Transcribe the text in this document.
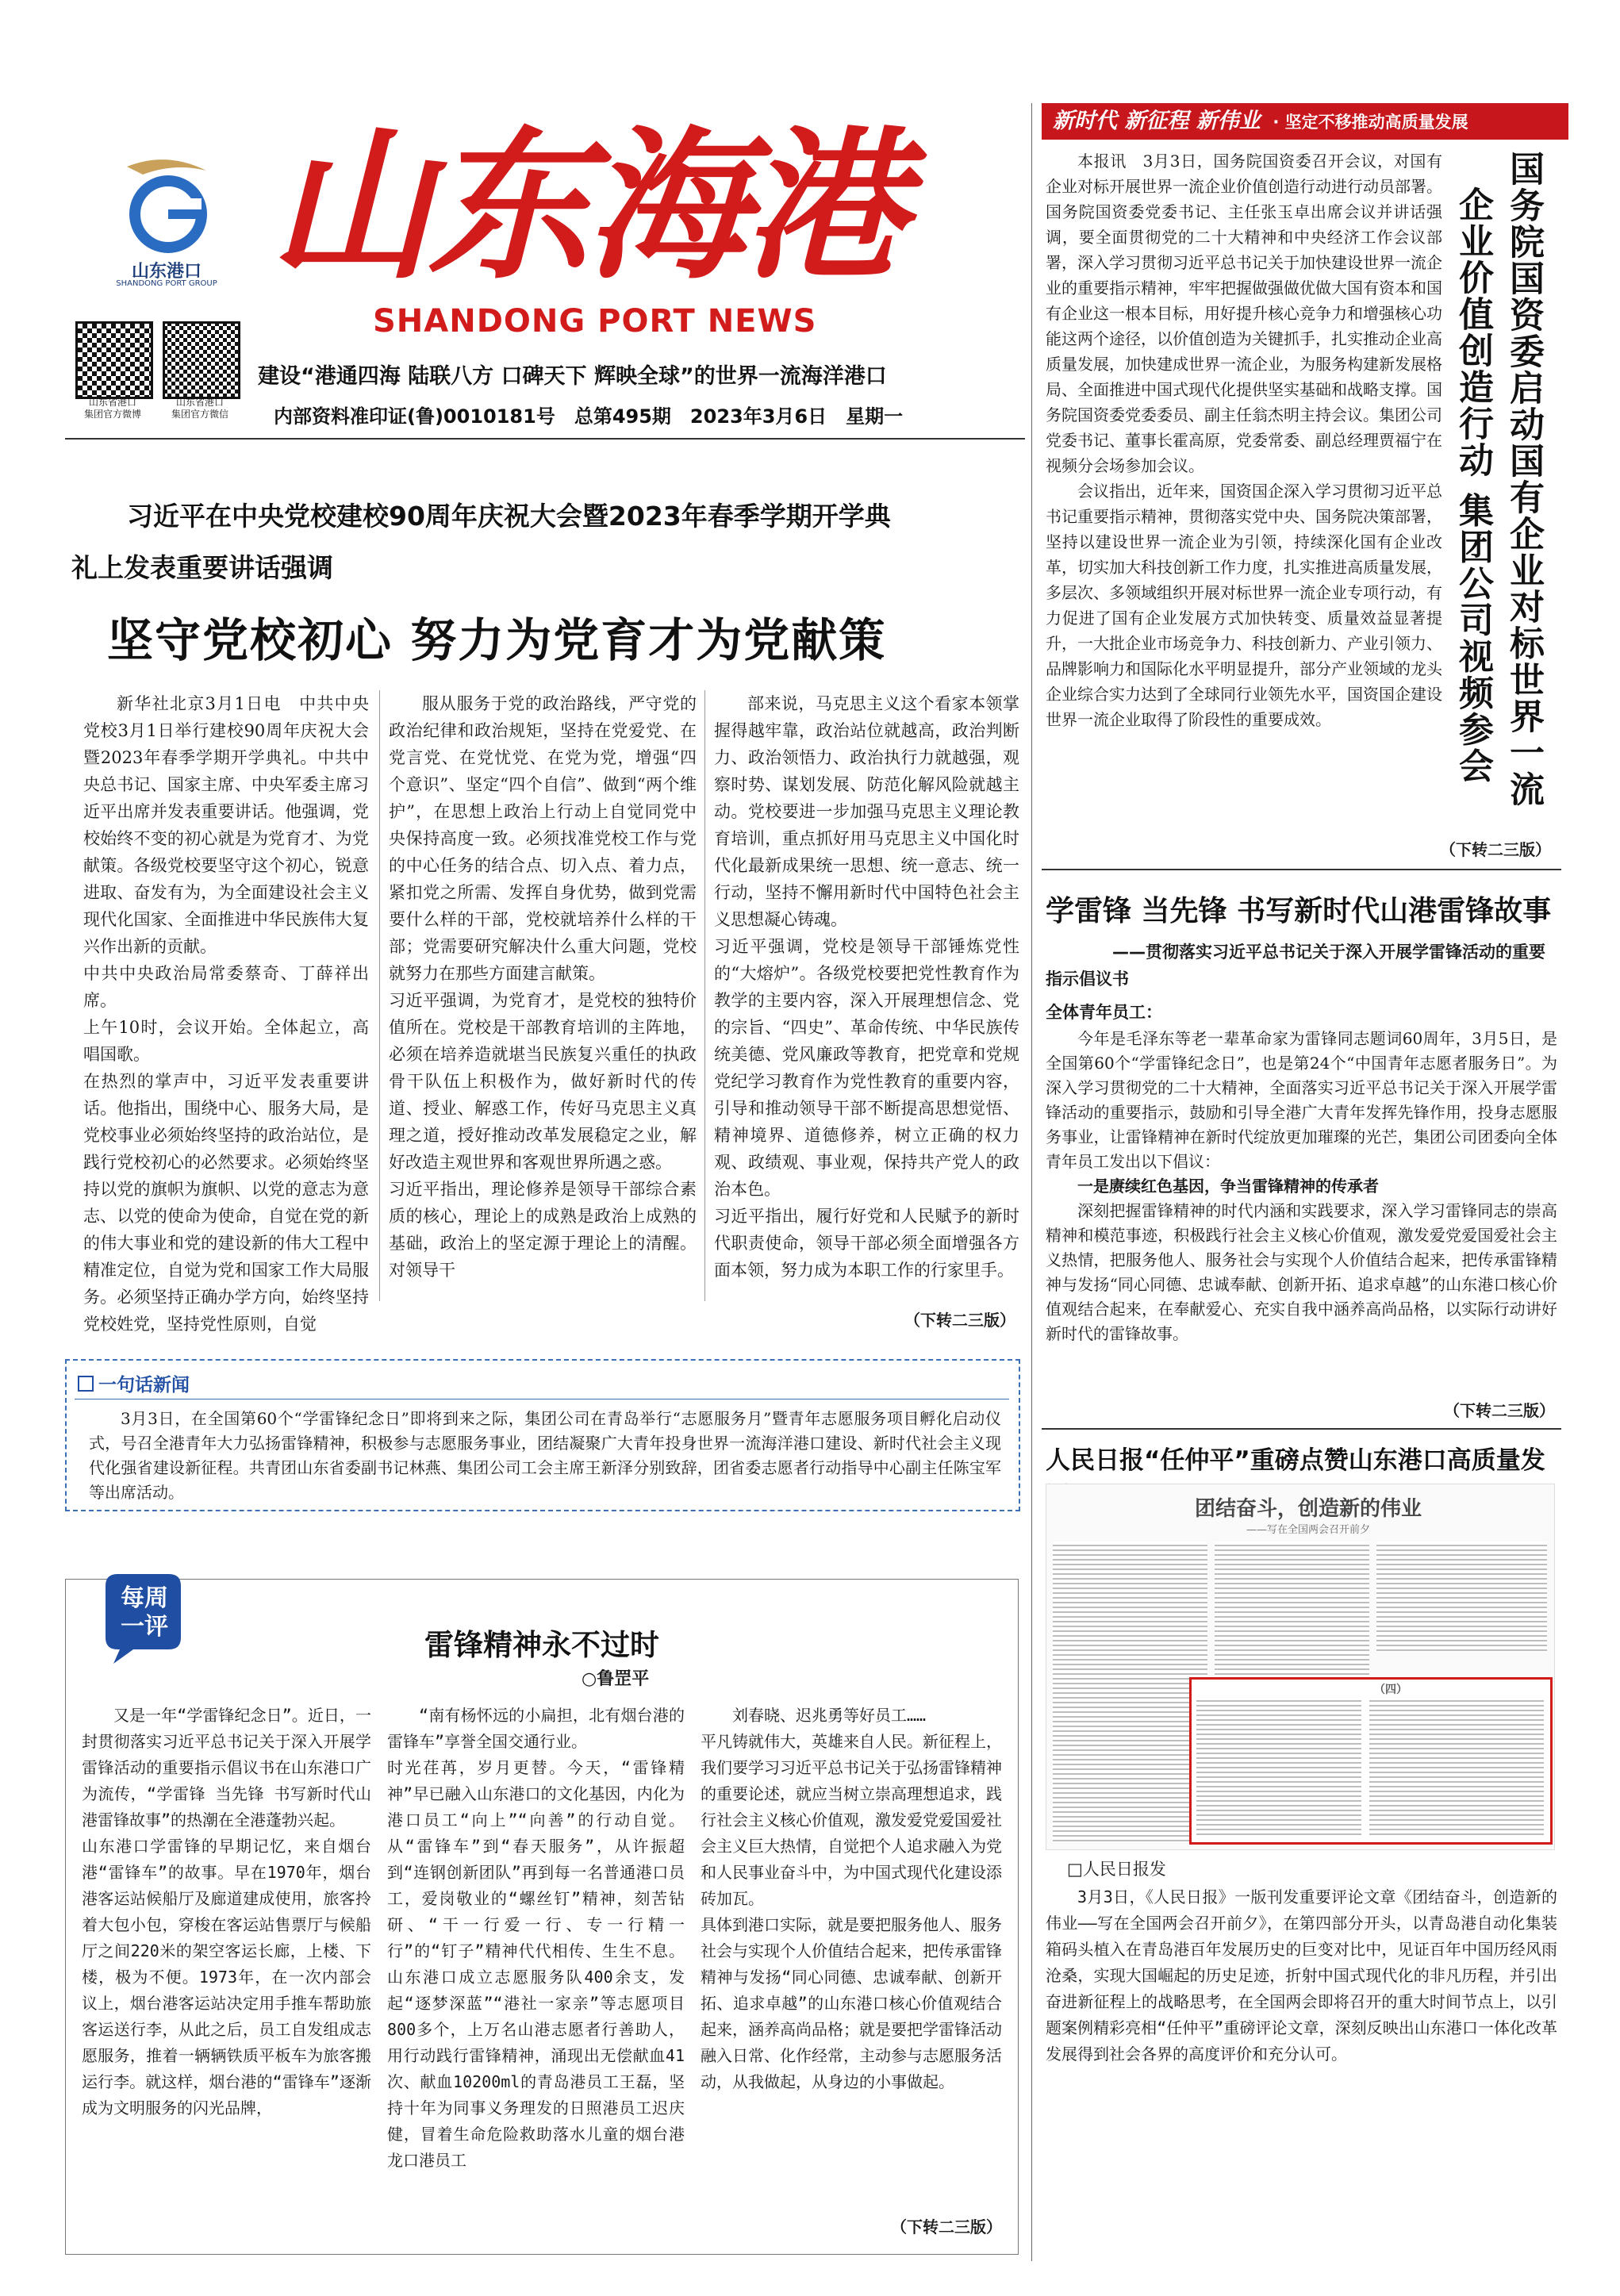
山东港口
SHANDONG PORT GROUP 山东海港
SHANDONG PORT NEWS
山东省港口
集团官方微博
山东省港口
集团官方微信
建设“港通四海 陆联八方 口碑天下 辉映全球”的世界一流海洋港口
内部资料准印证(鲁)0010181号　总第495期　2023年3月6日　星期一
新时代 新征程 新伟业 · 坚定不移推动高质量发展
国务院国资委启动国有企业对标世界一流
企业价值创造行动 集团公司视频参会

本报讯　3月3日，国务院国资委召开会议，对国有企业对标开展世界一流企业价值创造行动进行动员部署。国务院国资委党委书记、主任张玉卓出席会议并讲话强调，要全面贯彻党的二十大精神和中央经济工作会议部署，深入学习贯彻习近平总书记关于加快建设世界一流企业的重要指示精神，牢牢把握做强做优做大国有资本和国有企业这一根本目标，用好提升核心竞争力和增强核心功能这两个途径，以价值创造为关键抓手，扎实推动企业高质量发展，加快建成世界一流企业，为服务构建新发展格局、全面推进中国式现代化提供坚实基础和战略支撑。国务院国资委党委委员、副主任翁杰明主持会议。集团公司党委书记、董事长霍高原，党委常委、副总经理贾福宁在视频分会场参加会议。

会议指出，近年来，国资国企深入学习贯彻习近平总书记重要指示精神，贯彻落实党中央、国务院决策部署，坚持以建设世界一流企业为引领，持续深化国有企业改革，切实加大科技创新工作力度，扎实推进高质量发展，多层次、多领域组织开展对标世界一流企业专项行动，有力促进了国有企业发展方式加快转变、质量效益显著提升，一大批企业市场竞争力、科技创新力、产业引领力、品牌影响力和国际化水平明显提升，部分产业领域的龙头企业综合实力达到了全球同行业领先水平，国资国企建设世界一流企业取得了阶段性的重要成效。

（下转二三版）
习近平在中央党校建校90周年庆祝大会暨2023年春季学期开学典
礼上发表重要讲话强调
坚守党校初心 努力为党育才为党献策

新华社北京3月1日电　中共中央党校3月1日举行建校90周年庆祝大会暨2023年春季学期开学典礼。中共中央总书记、国家主席、中央军委主席习近平出席并发表重要讲话。他强调，党校始终不变的初心就是为党育才、为党献策。各级党校要坚守这个初心，锐意进取、奋发有为，为全面建设社会主义现代化国家、全面推进中华民族伟大复兴作出新的贡献。
中共中央政治局常委蔡奇、丁薛祥出席。
上午10时，会议开始。全体起立，高唱国歌。
在热烈的掌声中，习近平发表重要讲话。他指出，围绕中心、服务大局，是党校事业必须始终坚持的政治站位，是践行党校初心的必然要求。必须始终坚持以党的旗帜为旗帜、以党的意志为意志、以党的使命为使命，自觉在党的新的伟大事业和党的建设新的伟大工程中精准定位，自觉为党和国家工作大局服务。必须坚持正确办学方向，始终坚持党校姓党，坚持党性原则，自觉

服从服务于党的政治路线，严守党的政治纪律和政治规矩，坚持在党爱党、在党言党、在党忧党、在党为党，增强“四个意识”、坚定“四个自信”、做到“两个维护”，在思想上政治上行动上自觉同党中央保持高度一致。必须找准党校工作与党的中心任务的结合点、切入点、着力点，紧扣党之所需、发挥自身优势，做到党需要什么样的干部，党校就培养什么样的干部；党需要研究解决什么重大问题，党校就努力在那些方面建言献策。
习近平强调，为党育才，是党校的独特价值所在。党校是干部教育培训的主阵地，必须在培养造就堪当民族复兴重任的执政骨干队伍上积极作为，做好新时代的传道、授业、解惑工作，传好马克思主义真理之道，授好推动改革发展稳定之业，解好改造主观世界和客观世界所遇之惑。
习近平指出，理论修养是领导干部综合素质的核心，理论上的成熟是政治上成熟的基础，政治上的坚定源于理论上的清醒。对领导干

部来说，马克思主义这个看家本领掌握得越牢靠，政治站位就越高，政治判断力、政治领悟力、政治执行力就越强，观察时势、谋划发展、防范化解风险就越主动。党校要进一步加强马克思主义理论教育培训，重点抓好用马克思主义中国化时代化最新成果统一思想、统一意志、统一行动，坚持不懈用新时代中国特色社会主义思想凝心铸魂。
习近平强调，党校是领导干部锤炼党性的“大熔炉”。各级党校要把党性教育作为教学的主要内容，深入开展理想信念、党的宗旨、“四史”、革命传统、中华民族传统美德、党风廉政等教育，把党章和党规党纪学习教育作为党性教育的重要内容，引导和推动领导干部不断提高思想觉悟、精神境界、道德修养，树立正确的权力观、政绩观、事业观，保持共产党人的政治本色。
习近平指出，履行好党和人民赋予的新时代职责使命，领导干部必须全面增强各方面本领，努力成为本职工作的行家里手。

（下转二三版）
一句话新闻

3月3日，在全国第60个“学雷锋纪念日”即将到来之际，集团公司在青岛举行“志愿服务月”暨青年志愿服务项目孵化启动仪式，号召全港青年大力弘扬雷锋精神，积极参与志愿服务事业，团结凝聚广大青年投身世界一流海洋港口建设、新时代社会主义现代化强省建设新征程。共青团山东省委副书记林燕、集团公司工会主席王新泽分别致辞，团省委志愿者行动指导中心副主任陈宝军等出席活动。

每周
一评
雷锋精神永不过时
○鲁罡平

又是一年“学雷锋纪念日”。近日，一封贯彻落实习近平总书记关于深入开展学雷锋活动的重要指示倡议书在山东港口广为流传，“学雷锋 当先锋 书写新时代山港雷锋故事”的热潮在全港蓬勃兴起。
山东港口学雷锋的早期记忆，来自烟台港“雷锋车”的故事。早在1970年，烟台港客运站候船厅及廊道建成使用，旅客拎着大包小包，穿梭在客运站售票厅与候船厅之间220米的架空客运长廊，上楼、下楼，极为不便。1973年，在一次内部会议上，烟台港客运站决定用手推车帮助旅客运送行李，从此之后，员工自发组成志愿服务，推着一辆辆铁质平板车为旅客搬运行李。就这样，烟台港的“雷锋车”逐渐成为文明服务的闪光品牌，

“南有杨怀远的小扁担，北有烟台港的雷锋车”享誉全国交通行业。
时光荏苒，岁月更替。今天，“雷锋精神”早已融入山东港口的文化基因，内化为港口员工“向上”“向善”的行动自觉。从“雷锋车”到“春天服务”，从许振超到“连钢创新团队”再到每一名普通港口员工，爱岗敬业的“螺丝钉”精神，刻苦钻研、“干一行爱一行、专一行精一行”的“钉子”精神代代相传、生生不息。山东港口成立志愿服务队400余支，发起“逐梦深蓝”“港社一家亲”等志愿项目800多个，上万名山港志愿者行善助人，用行动践行雷锋精神，涌现出无偿献血41次、献血10200ml的青岛港员工王磊，坚持十年为同事义务理发的日照港员工迟庆健，冒着生命危险救助落水儿童的烟台港龙口港员工

刘春晓、迟兆勇等好员工……
平凡铸就伟大，英雄来自人民。新征程上，我们要学习习近平总书记关于弘扬雷锋精神的重要论述，就应当树立崇高理想追求，践行社会主义核心价值观，激发爱党爱国爱社会主义巨大热情，自觉把个人追求融入为党和人民事业奋斗中，为中国式现代化建设添砖加瓦。
具体到港口实际，就是要把服务他人、服务社会与实现个人价值结合起来，把传承雷锋精神与发扬“同心同德、忠诚奉献、创新开拓、追求卓越”的山东港口核心价值观结合起来，涵养高尚品格；就是要把学雷锋活动融入日常、化作经常，主动参与志愿服务活动，从我做起，从身边的小事做起。

（下转二三版）
学雷锋 当先锋 书写新时代山港雷锋故事
——贯彻落实习近平总书记关于深入开展学雷锋活动的重要指示倡议书
全体青年员工：

今年是毛泽东等老一辈革命家为雷锋同志题词60周年，3月5日，是全国第60个“学雷锋纪念日”，也是第24个“中国青年志愿者服务日”。为深入学习贯彻党的二十大精神，全面落实习近平总书记关于深入开展学雷锋活动的重要指示，鼓励和引导全港广大青年发挥先锋作用，投身志愿服务事业，让雷锋精神在新时代绽放更加璀璨的光芒，集团公司团委向全体青年员工发出以下倡议：

一是赓续红色基因，争当雷锋精神的传承者

深刻把握雷锋精神的时代内涵和实践要求，深入学习雷锋同志的崇高精神和模范事迹，积极践行社会主义核心价值观，激发爱党爱国爱社会主义热情，把服务他人、服务社会与实现个人价值结合起来，把传承雷锋精神与发扬“同心同德、忠诚奉献、创新开拓、追求卓越”的山东港口核心价值观结合起来，在奉献爱心、充实自我中涵养高尚品格，以实际行动讲好新时代的雷锋故事。

（下转二三版）
人民日报“任仲平”重磅点赞山东港口高质量发
团结奋斗，创造新的伟业
——写在全国两会召开前夕
（四）
□人民日报发

3月3日，《人民日报》一版刊发重要评论文章《团结奋斗，创造新的伟业——写在全国两会召开前夕》，在第四部分开头，以青岛港自动化集装箱码头植入在青岛港百年发展历史的巨变对比中，见证百年中国历经风雨沧桑，实现大国崛起的历史足迹，折射中国式现代化的非凡历程，并引出奋进新征程上的战略思考，在全国两会即将召开的重大时间节点上，以引题案例精彩亮相“任仲平”重磅评论文章，深刻反映出山东港口一体化改革发展得到社会各界的高度评价和充分认可。
